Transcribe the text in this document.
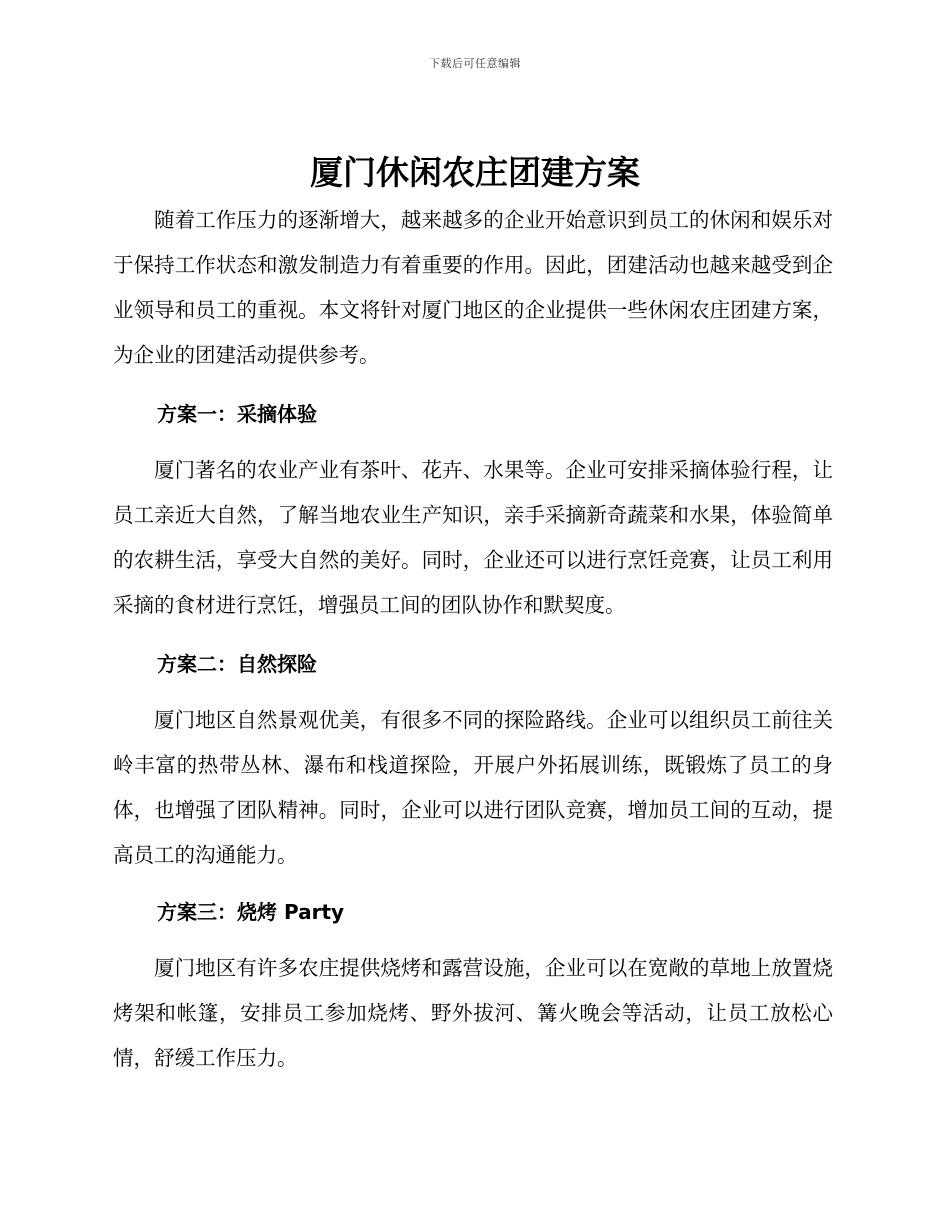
下载后可任意编辑
厦门休闲农庄团建方案

随着工作压力的逐渐增大，越来越多的企业开始意识到员工的休闲和娱乐对于保持工作状态和激发制造力有着重要的作用。因此，团建活动也越来越受到企业领导和员工的重视。本文将针对厦门地区的企业提供一些休闲农庄团建方案，为企业的团建活动提供参考。

方案一：采摘体验

厦门著名的农业产业有茶叶、花卉、水果等。企业可安排采摘体验行程，让员工亲近大自然，了解当地农业生产知识，亲手采摘新奇蔬菜和水果，体验简单的农耕生活，享受大自然的美好。同时，企业还可以进行烹饪竞赛，让员工利用采摘的食材进行烹饪，增强员工间的团队协作和默契度。

方案二：自然探险

厦门地区自然景观优美，有很多不同的探险路线。企业可以组织员工前往关岭丰富的热带丛林、瀑布和栈道探险，开展户外拓展训练，既锻炼了员工的身体，也增强了团队精神。同时，企业可以进行团队竞赛，增加员工间的互动，提高员工的沟通能力。

方案三：烧烤 Party

厦门地区有许多农庄提供烧烤和露营设施，企业可以在宽敞的草地上放置烧烤架和帐篷，安排员工参加烧烤、野外拔河、篝火晚会等活动，让员工放松心情，舒缓工作压力。
